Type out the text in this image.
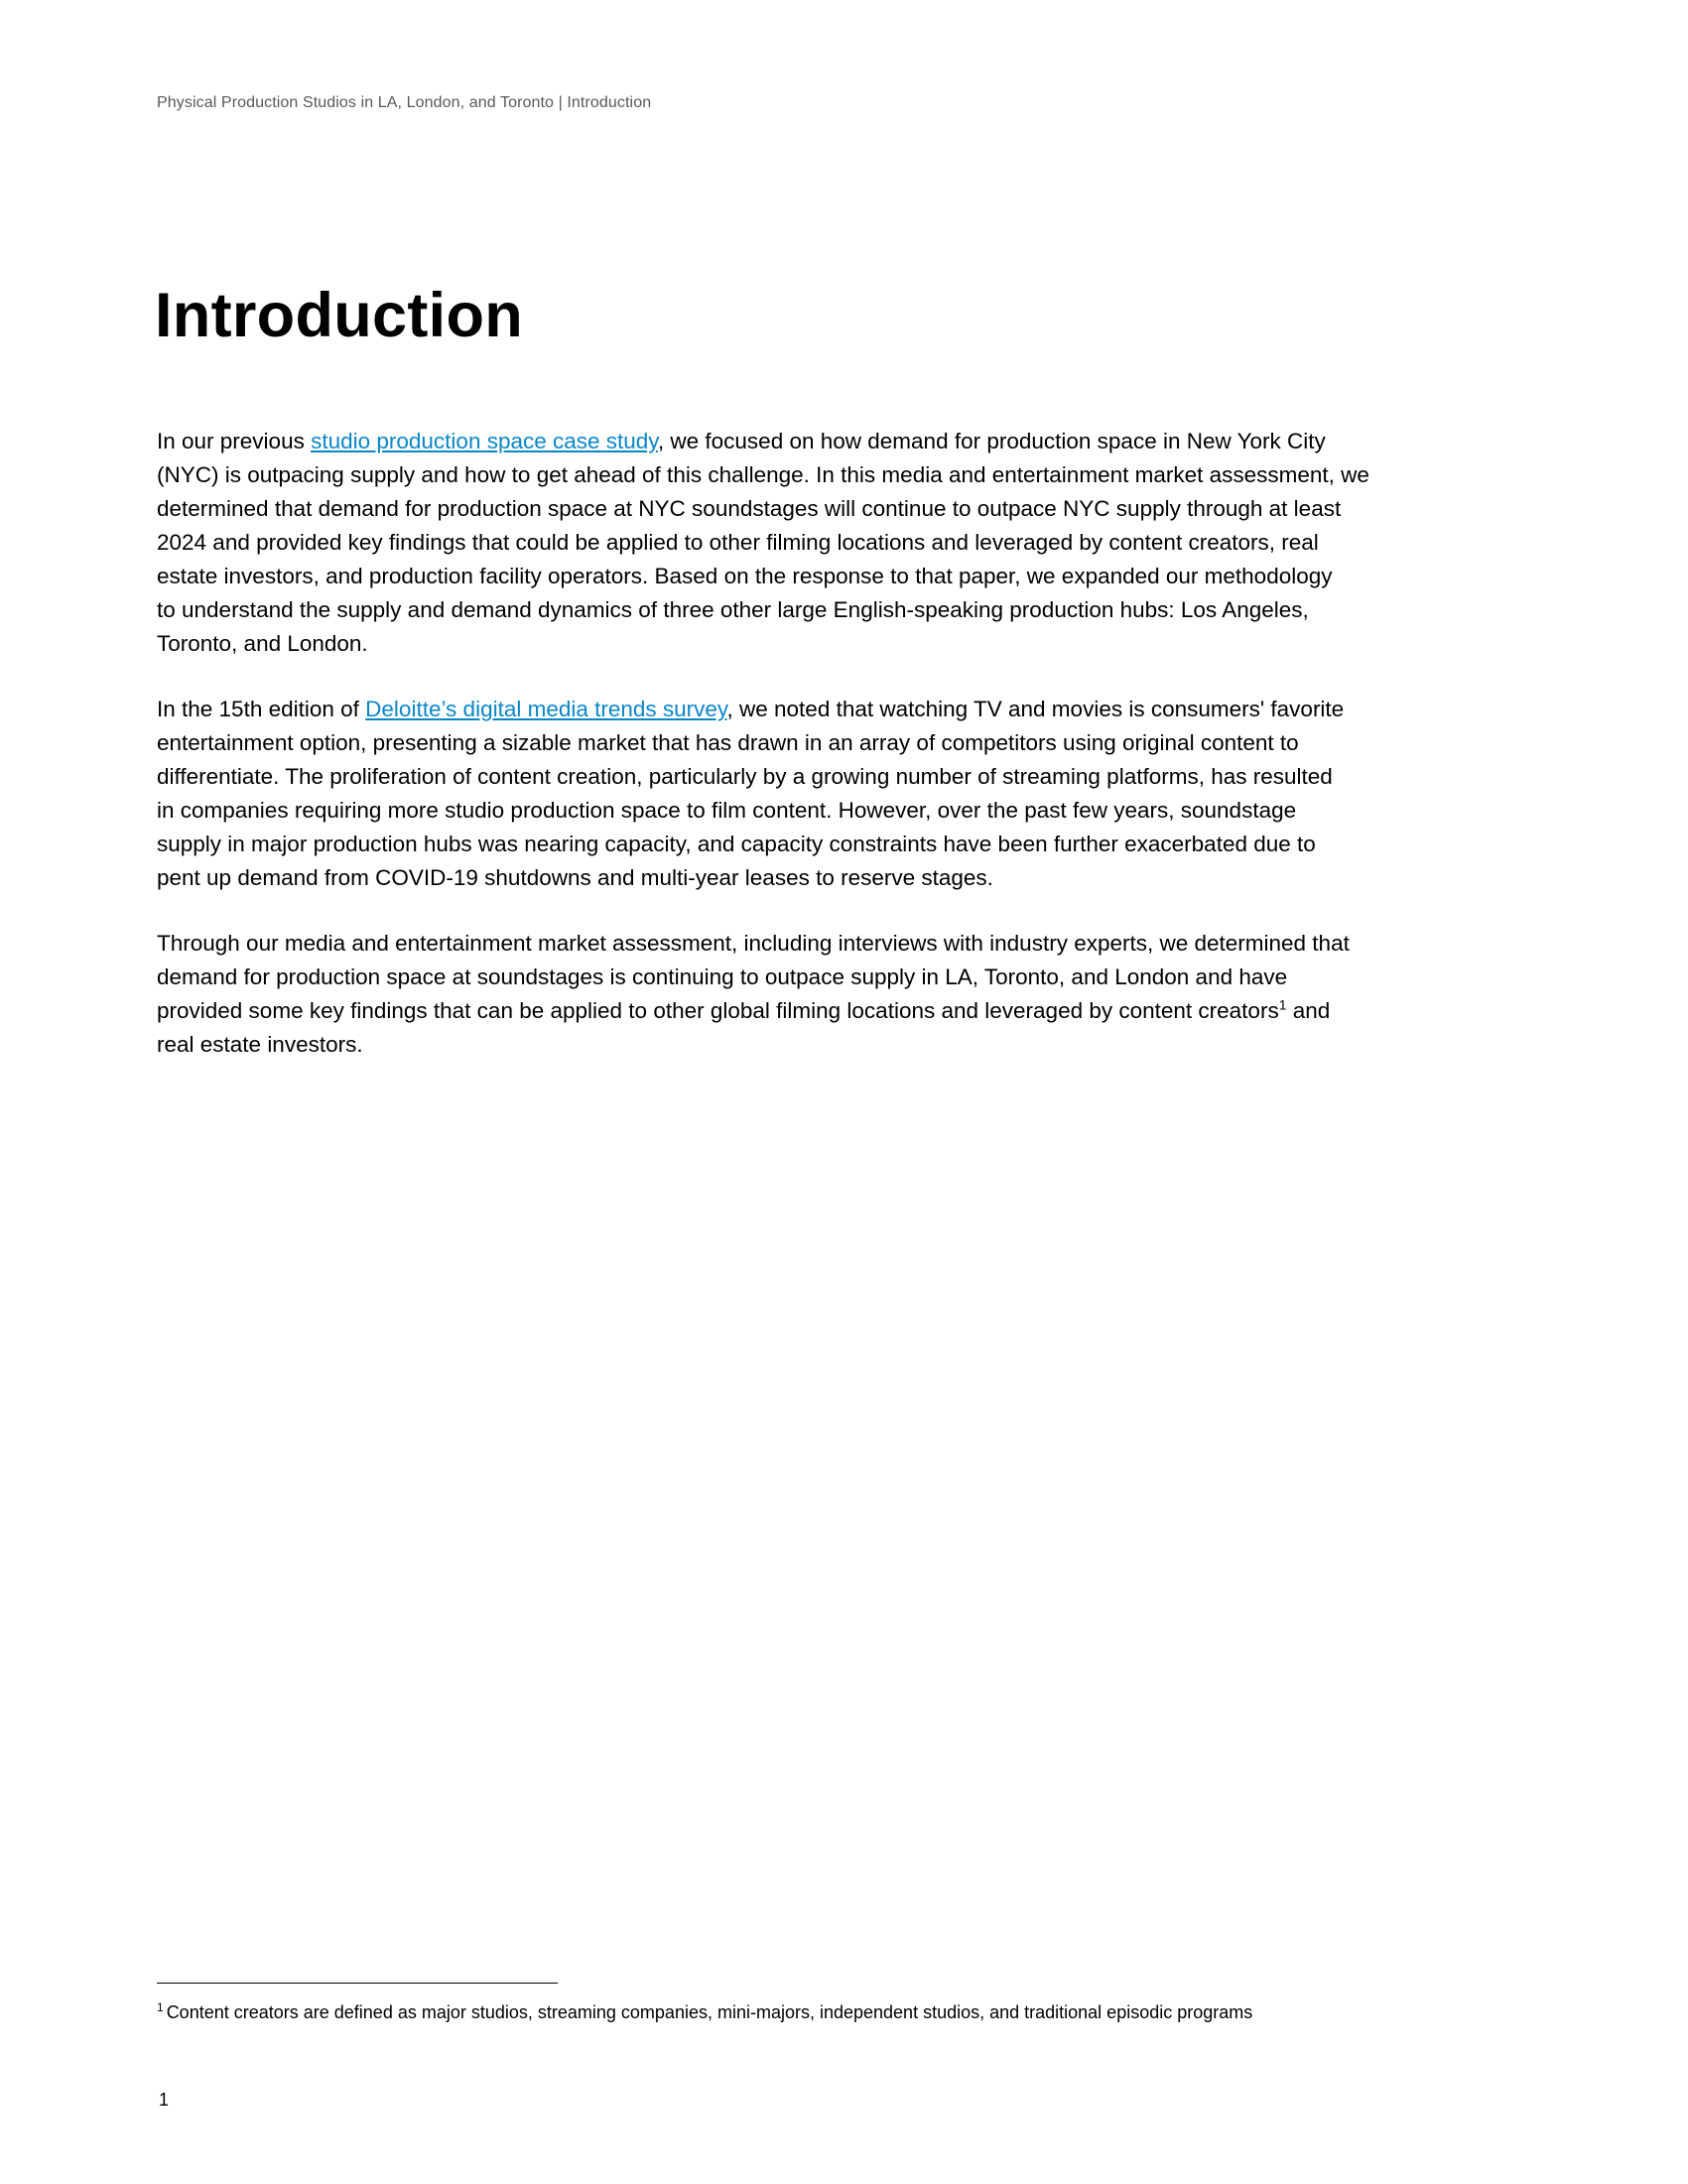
Physical Production Studios in LA, London, and Toronto | Introduction
Introduction

In our previous studio production space case study, we focused on how demand for production space in New York City
(NYC) is outpacing supply and how to get ahead of this challenge. In this media and entertainment market assessment, we
determined that demand for production space at NYC soundstages will continue to outpace NYC supply through at least
2024 and provided key findings that could be applied to other filming locations and leveraged by content creators, real
estate investors, and production facility operators. Based on the response to that paper, we expanded our methodology
to understand the supply and demand dynamics of three other large English-speaking production hubs: Los Angeles,
Toronto, and London.

In the 15th edition of Deloitte’s digital media trends survey, we noted that watching TV and movies is consumers' favorite
entertainment option, presenting a sizable market that has drawn in an array of competitors using original content to
differentiate. The proliferation of content creation, particularly by a growing number of streaming platforms, has resulted
in companies requiring more studio production space to film content. However, over the past few years, soundstage
supply in major production hubs was nearing capacity, and capacity constraints have been further exacerbated due to
pent up demand from COVID-19 shutdowns and multi-year leases to reserve stages.

Through our media and entertainment market assessment, including interviews with industry experts, we determined that
demand for production space at soundstages is continuing to outpace supply in LA, Toronto, and London and have
provided some key findings that can be applied to other global filming locations and leveraged by content creators$^1$ and
real estate investors.

$^1$ Content creators are defined as major studios, streaming companies, mini-majors, independent studios, and traditional episodic programs
1
